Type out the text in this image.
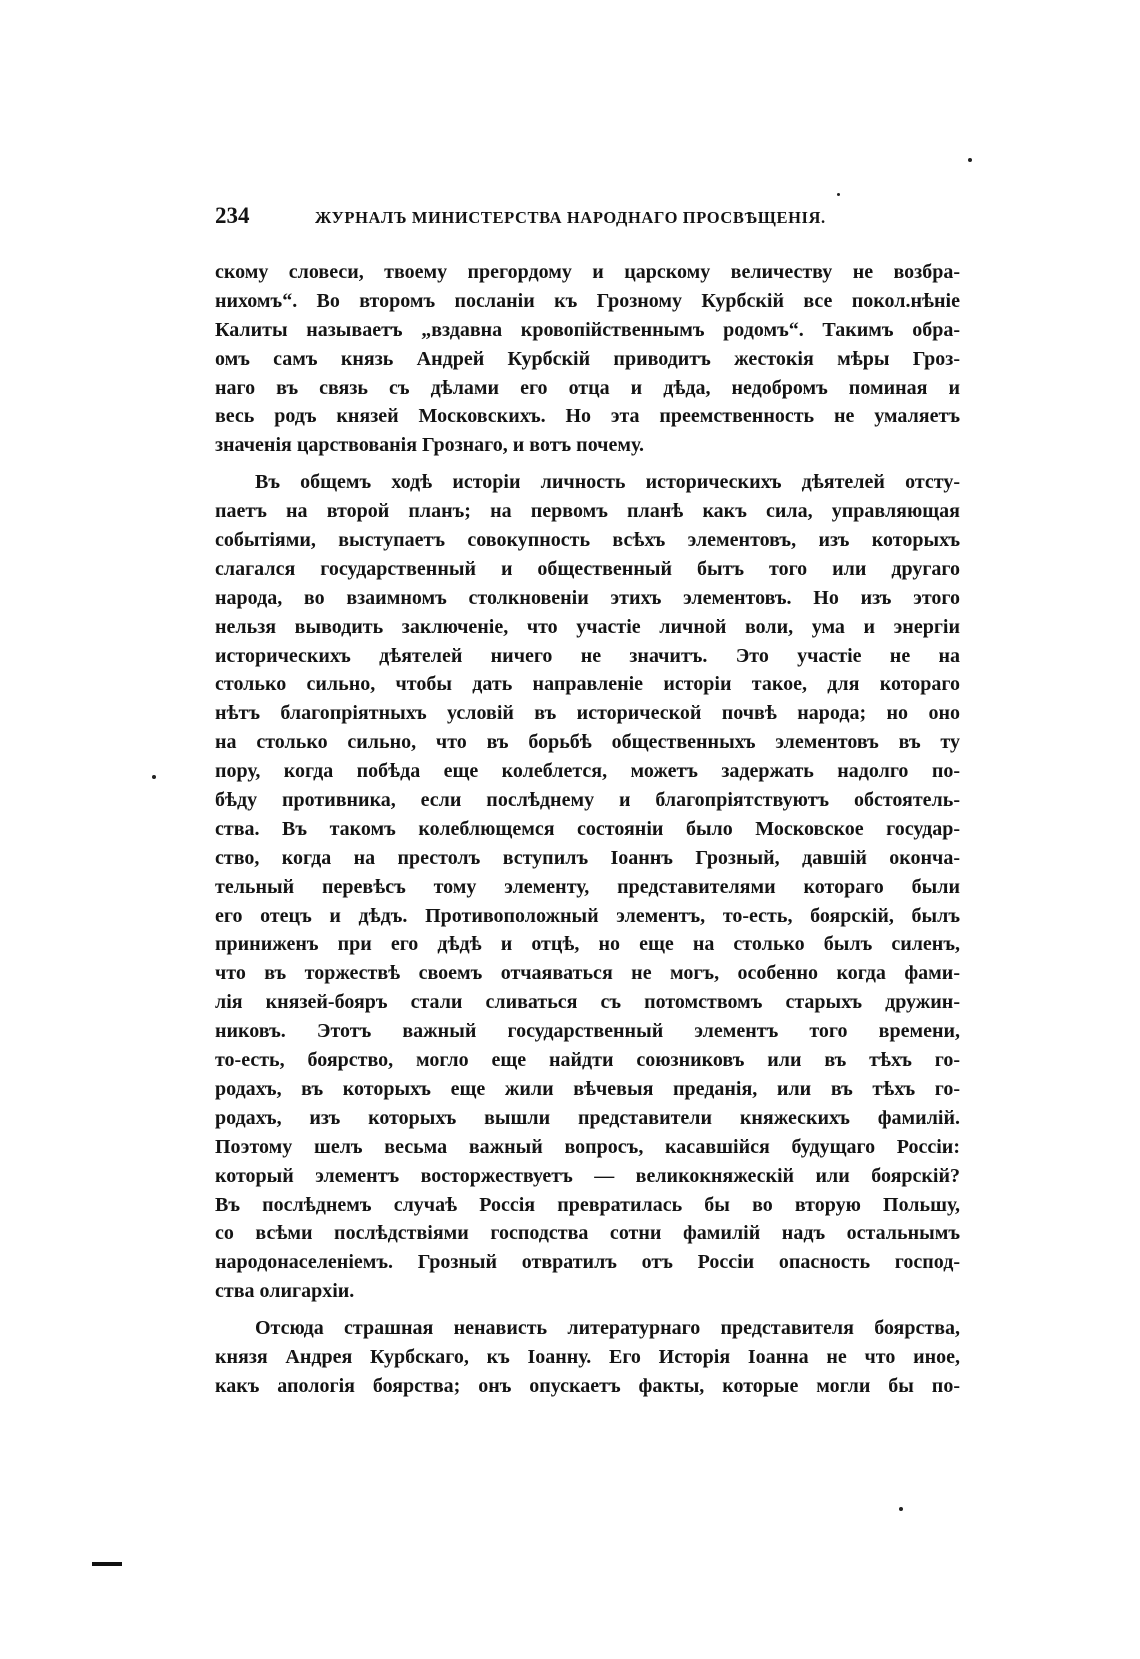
234	ЖУРНАЛЪ МИНИСТЕРСТВА НАРОДНАГО ПРОСВѢЩЕНІЯ.
скому словеси, твоему прегордому и царскому величеству не возбра-
нихомъ“. Во второмъ посланіи къ Грозному Курбскій все покол.нѣніе
Калиты называетъ „вздавна кровопійственнымъ родомъ“. Такимъ обра-
омъ самъ князь Андрей Курбскій приводитъ жестокія мѣры Гроз-
наго въ связь съ дѣлами его отца и дѣда, недобромъ поминая и
весь родъ князей Московскихъ. Но эта преемственность не умаляетъ
значенія царствованія Грознаго, и вотъ почему.
Въ общемъ ходѣ исторіи личность историческихъ дѣятелей отсту-
паетъ на второй планъ; на первомъ планѣ какъ сила, управляющая
событіями, выступаетъ совокупность всѣхъ элементовъ, изъ которыхъ
слагался государственный и общественный бытъ того или другаго
народа, во взаимномъ столкновеніи этихъ элементовъ. Но изъ этого
нельзя выводить заключеніе, что участіе личной воли, ума и энергіи
историческихъ дѣятелей ничего не значитъ. Это участіе не на
столько сильно, чтобы дать направленіе исторіи такое, для котораго
нѣтъ благопріятныхъ условій въ исторической почвѣ народа; но оно
на столько сильно, что въ борьбѣ общественныхъ элементовъ въ ту
пору, когда побѣда еще колеблется, можетъ задержать надолго по-
бѣду противника, если послѣднему и благопріятствуютъ обстоятель-
ства. Въ такомъ колеблющемся состояніи было Московское государ-
ство, когда на престолъ вступилъ Іоаннъ Грозный, давшій оконча-
тельный перевѣсъ тому элементу, представителями котораго были
его отецъ и дѣдъ. Противоположный элементъ, то-есть, боярскій, былъ
приниженъ при его дѣдѣ и отцѣ, но еще на столько былъ силенъ,
что въ торжествѣ своемъ отчаяваться не могъ, особенно когда фами-
лія князей-бояръ стали сливаться съ потомствомъ старыхъ дружин-
никовъ. Этотъ важный государственный элементъ того времени,
то-есть, боярство, могло еще найдти союзниковъ или въ тѣхъ го-
родахъ, въ которыхъ еще жили вѣчевыя преданія, или въ тѣхъ го-
родахъ, изъ которыхъ вышли представители княжескихъ фамилій.
Поэтому шелъ весьма важный вопросъ, касавшійся будущаго Россіи:
который элементъ восторжествуетъ — великокняжескій или боярскій?
Въ послѣднемъ случаѣ Россія превратилась бы во вторую Польшу,
со всѣми послѣдствіями господства сотни фамилій надъ остальнымъ
народонаселеніемъ. Грозный отвратилъ отъ Россіи опасность господ-
ства олигархіи.
Отсюда страшная ненависть литературнаго представителя боярства,
князя Андрея Курбскаго, къ Іоанну. Его Исторія Іоанна не что иное,
какъ апологія боярства; онъ опускаетъ факты, которые могли бы по-
